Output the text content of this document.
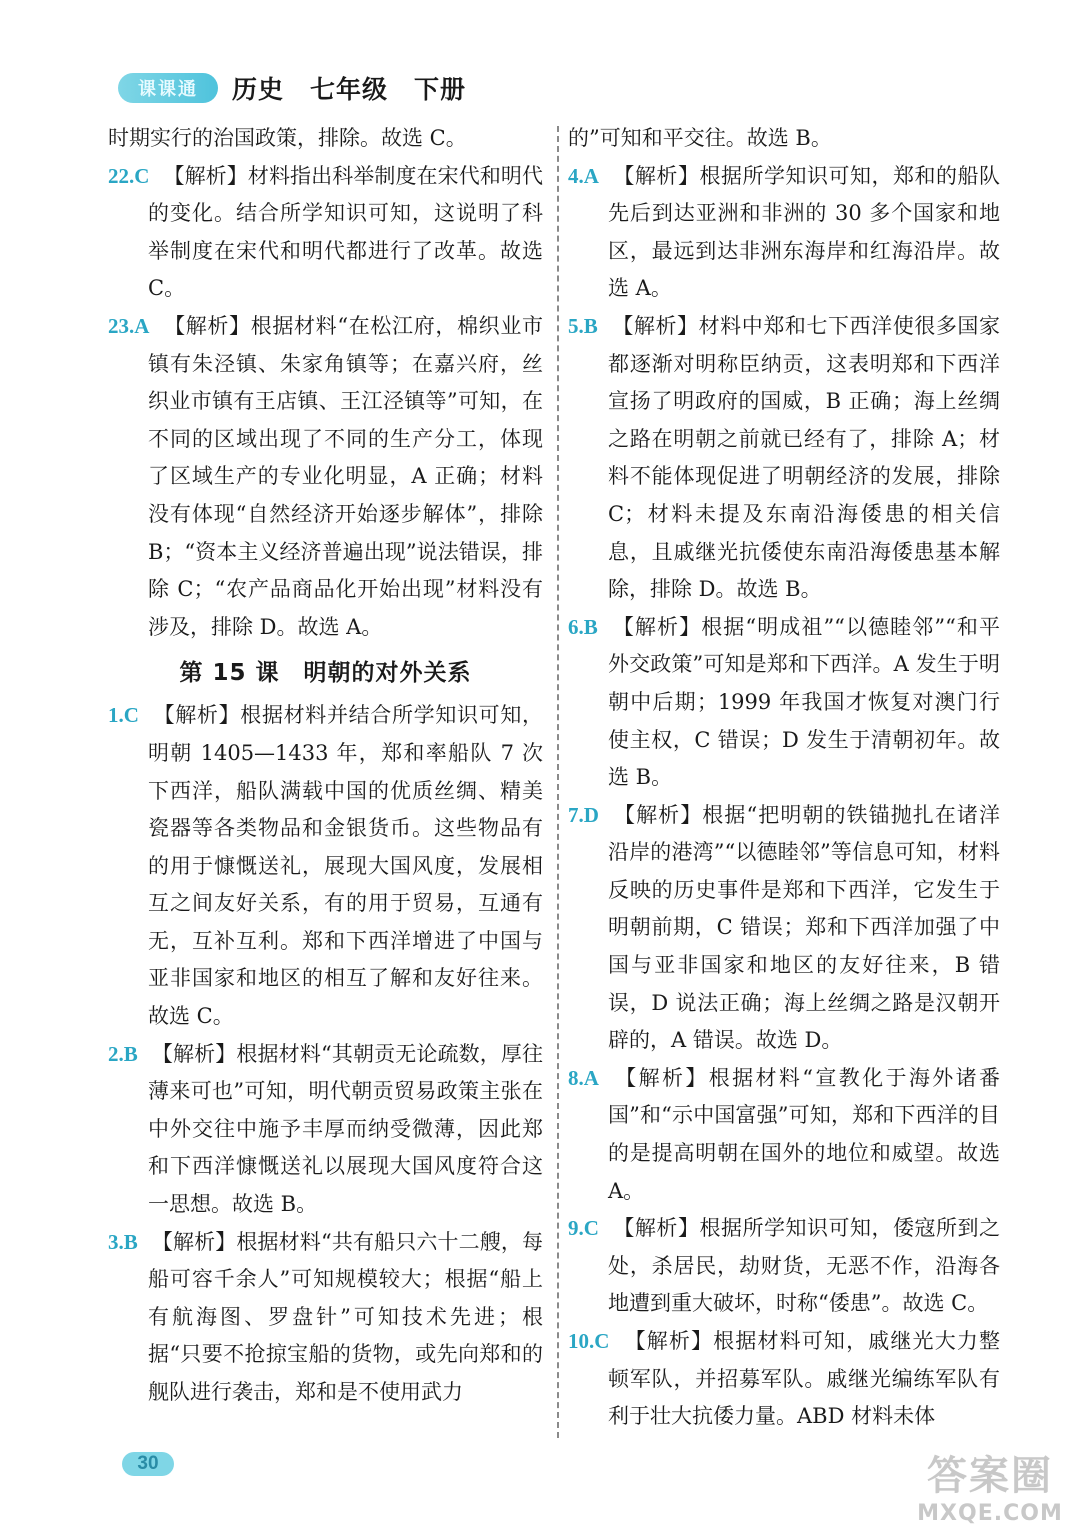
课课通	历史　七年级　下册
时期实行的治国政策，排除。故选 C。
22.C 【解析】材料指出科举制度在宋代和明代的变化。结合所学知识可知，这说明了科举制度在宋代和明代都进行了改革。故选 C。
23.A 【解析】根据材料“在松江府，棉织业市镇有朱泾镇、朱家角镇等；在嘉兴府，丝织业市镇有王店镇、王江泾镇等”可知，在不同的区域出现了不同的生产分工，体现了区域生产的专业化明显，A 正确；材料没有体现“自然经济开始逐步解体”，排除 B；“资本主义经济普遍出现”说法错误，排除 C；“农产品商品化开始出现”材料没有涉及，排除 D。故选 A。
第 15 课　明朝的对外关系
1.C 【解析】根据材料并结合所学知识可知，明朝 1405—1433 年，郑和率船队 7 次下西洋，船队满载中国的优质丝绸、精美瓷器等各类物品和金银货币。这些物品有的用于慷慨送礼，展现大国风度，发展相互之间友好关系，有的用于贸易，互通有无，互补互利。郑和下西洋增进了中国与亚非国家和地区的相互了解和友好往来。故选 C。
2.B 【解析】根据材料“其朝贡无论疏数，厚往薄来可也”可知，明代朝贡贸易政策主张在中外交往中施予丰厚而纳受微薄，因此郑和下西洋慷慨送礼以展现大国风度符合这一思想。故选 B。
3.B 【解析】根据材料“共有船只六十二艘，每船可容千余人”可知规模较大；根据“船上有航海图、罗盘针”可知技术先进；根据“只要不抢掠宝船的货物，或先向郑和的舰队进行袭击，郑和是不使用武力
的”可知和平交往。故选 B。
4.A 【解析】根据所学知识可知，郑和的船队先后到达亚洲和非洲的 30 多个国家和地区，最远到达非洲东海岸和红海沿岸。故选 A。
5.B 【解析】材料中郑和七下西洋使很多国家都逐渐对明称臣纳贡，这表明郑和下西洋宣扬了明政府的国威，B 正确；海上丝绸之路在明朝之前就已经有了，排除 A；材料不能体现促进了明朝经济的发展，排除 C；材料未提及东南沿海倭患的相关信息，且戚继光抗倭使东南沿海倭患基本解除，排除 D。故选 B。
6.B 【解析】根据“明成祖”“以德睦邻”“和平外交政策”可知是郑和下西洋。A 发生于明朝中后期；1999 年我国才恢复对澳门行使主权，C 错误；D 发生于清朝初年。故选 B。
7.D 【解析】根据“把明朝的铁锚抛扎在诸洋沿岸的港湾”“以德睦邻”等信息可知，材料反映的历史事件是郑和下西洋，它发生于明朝前期，C 错误；郑和下西洋加强了中国与亚非国家和地区的友好往来，B 错误，D 说法正确；海上丝绸之路是汉朝开辟的，A 错误。故选 D。
8.A 【解析】根据材料“宣教化于海外诸番国”和“示中国富强”可知，郑和下西洋的目的是提高明朝在国外的地位和威望。故选 A。
9.C 【解析】根据所学知识可知，倭寇所到之处，杀居民，劫财货，无恶不作，沿海各地遭到重大破坏，时称“倭患”。故选 C。
10.C 【解析】根据材料可知，戚继光大力整顿军队，并招募军队。戚继光编练军队有利于壮大抗倭力量。ABD 材料未体
30	答案圈
MXQE.COM
